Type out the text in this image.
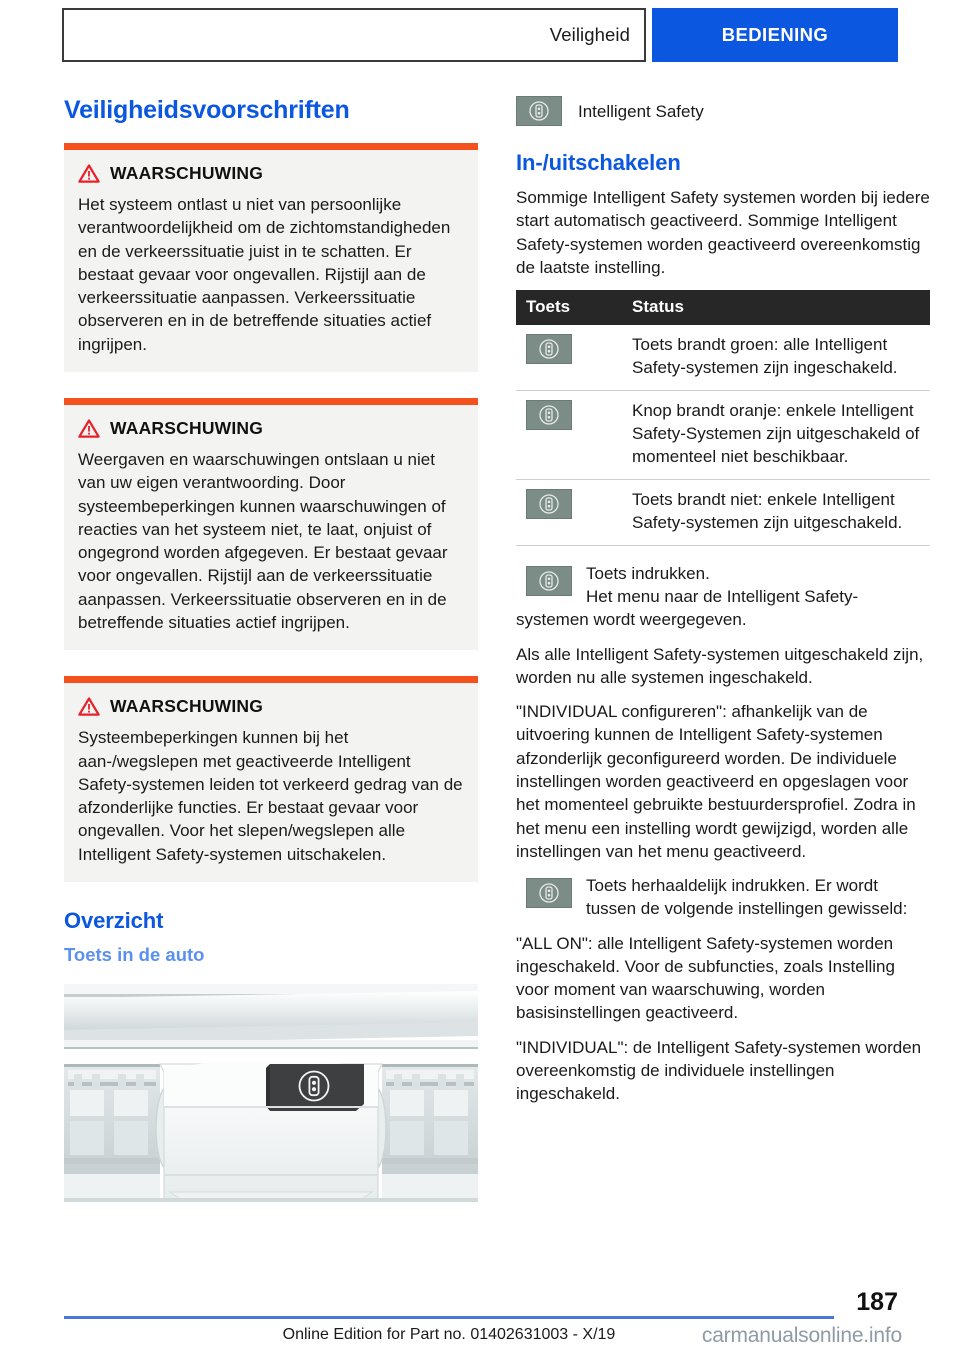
Veiligheid	BEDIENING
Veiligheidsvoorschriften
WAARSCHUWING

Het systeem ontlast u niet van persoonlijke verantwoordelijkheid om de zichtomstandigheden en de verkeerssituatie juist in te schatten. Er bestaat gevaar voor ongevallen. Rijstijl aan de verkeerssituatie aanpassen. Verkeerssituatie observeren en in de betreffende situaties actief ingrijpen.

WAARSCHUWING

Weergaven en waarschuwingen ontslaan u niet van uw eigen verantwoording. Door systeembeperkingen kunnen waarschuwingen of reacties van het systeem niet, te laat, onjuist of ongegrond worden afgegeven. Er bestaat gevaar voor ongevallen. Rijstijl aan de verkeerssituatie aanpassen. Verkeerssituatie observeren en in de betreffende situaties actief ingrijpen.

WAARSCHUWING

Systeembeperkingen kunnen bij het aan-/wegslepen met geactiveerde Intelligent Safety-systemen leiden tot verkeerd gedrag van de afzonderlijke functies. Er bestaat gevaar voor ongevallen. Voor het slepen/wegslepen alle Intelligent Safety-systemen uitschakelen.

Overzicht
Toets in de auto
Intelligent Safety
In-/uitschakelen

Sommige Intelligent Safety systemen worden bij iedere start automatisch geactiveerd. Sommige Intelligent Safety-systemen worden geactiveerd overeenkomstig de laatste instelling.

Toets	Status

	Toets brandt groen: alle Intelligent Safety-systemen zijn ingeschakeld.

	Knop brandt oranje: enkele Intelligent Safety-Systemen zijn uitgeschakeld of momenteel niet beschikbaar.

	Toets brandt niet: enkele Intelligent Safety-systemen zijn uitgeschakeld.

Toets indrukken.

Het menu naar de Intelligent Safety-systemen wordt weergegeven.

Als alle Intelligent Safety-systemen uitgeschakeld zijn, worden nu alle systemen ingeschakeld.

"INDIVIDUAL configureren": afhankelijk van de uitvoering kunnen de Intelligent Safety-systemen afzonderlijk geconfigureerd worden. De individuele instellingen worden geactiveerd en opgeslagen voor het momenteel gebruikte bestuurdersprofiel. Zodra in het menu een instelling wordt gewijzigd, worden alle instellingen van het menu geactiveerd.

Toets herhaaldelijk indrukken. Er wordt tussen de volgende instellingen gewisseld:

"ALL ON": alle Intelligent Safety-systemen worden ingeschakeld. Voor de subfuncties, zoals Instelling voor moment van waarschuwing, worden basisinstellingen geactiveerd.

"INDIVIDUAL": de Intelligent Safety-systemen worden overeenkomstig de individuele instellingen ingeschakeld.

187
Online Edition for Part no. 01402631003 - X/19	carmanualsonline.info
